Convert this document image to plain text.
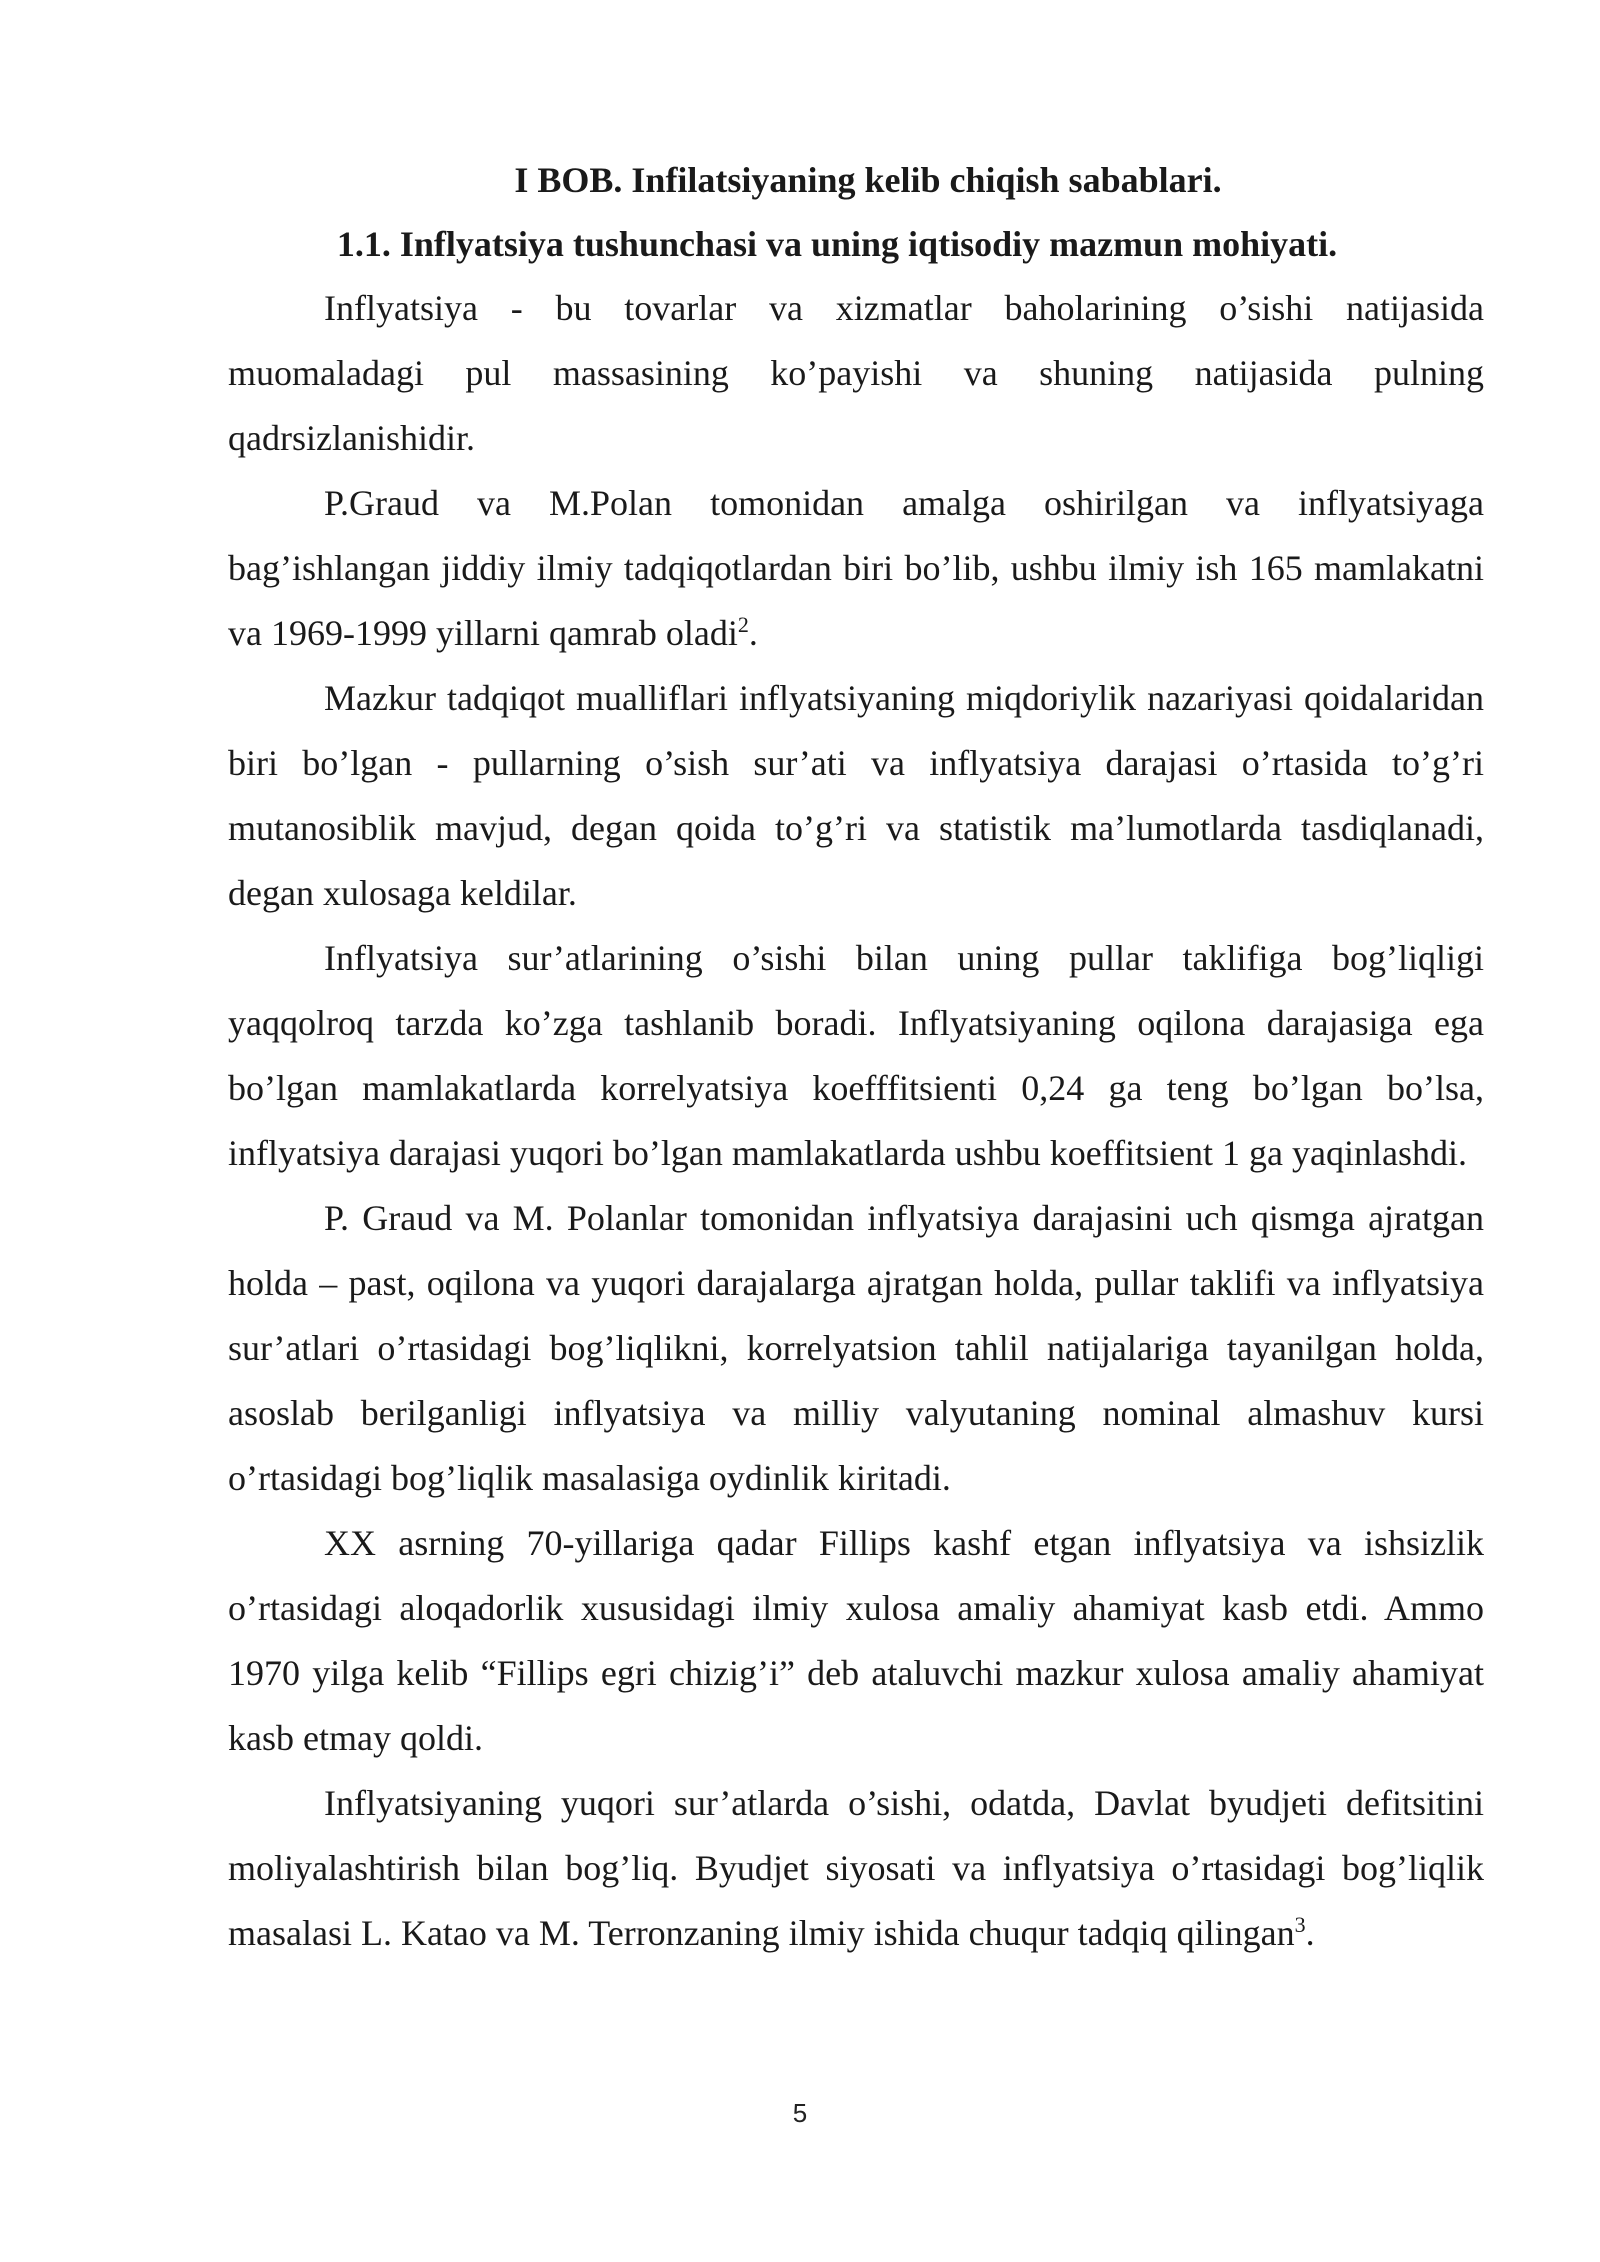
I BOB. Infilatsiyaning kelib chiqish sabablari.

1.1. Inflyatsiya tushunchasi va uning iqtisodiy mazmun mohiyati.

Inflyatsiya - bu tovarlar va xizmatlar baholarining o’sishi natijasida muomaladagi pul massasining ko’payishi va shuning natijasida pulning qadrsizlanishidir.

P.Graud va M.Polan tomonidan amalga oshirilgan va inflyatsiyaga bag’ishlangan jiddiy ilmiy tadqiqotlardan biri bo’lib, ushbu ilmiy ish 165 mamlakatni va 1969-1999 yillarni qamrab oladi$^2$.

Mazkur tadqiqot mualliflari inflyatsiyaning miqdoriylik nazariyasi qoidalaridan biri bo’lgan - pullarning o’sish sur’ati va inflyatsiya darajasi o’rtasida to’g’ri mutanosiblik mavjud, degan qoida to’g’ri va statistik ma’lumotlarda tasdiqlanadi, degan xulosaga keldilar.

Inflyatsiya sur’atlarining o’sishi bilan uning pullar taklifiga bog’liqligi yaqqolroq tarzda ko’zga tashlanib boradi. Inflyatsiyaning oqilona darajasiga ega bo’lgan mamlakatlarda korrelyatsiya koefffitsienti 0,24 ga teng bo’lgan bo’lsa, inflyatsiya darajasi yuqori bo’lgan mamlakatlarda ushbu koeffitsient 1 ga yaqinlashdi.

P. Graud va M. Polanlar tomonidan inflyatsiya darajasini uch qismga ajratgan holda – past, oqilona va yuqori darajalarga ajratgan holda, pullar taklifi va inflyatsiya sur’atlari o’rtasidagi bog’liqlikni, korrelyatsion tahlil natijalariga tayanilgan holda, asoslab berilganligi inflyatsiya va milliy valyutaning nominal almashuv kursi o’rtasidagi bog’liqlik masalasiga oydinlik kiritadi.

XX asrning 70-yillariga qadar Fillips kashf etgan inflyatsiya va ishsizlik o’rtasidagi aloqadorlik xususidagi ilmiy xulosa amaliy ahamiyat kasb etdi. Ammo 1970 yilga kelib “Fillips egri chizig’i” deb ataluvchi mazkur xulosa amaliy ahamiyat kasb etmay qoldi.

Inflyatsiyaning yuqori sur’atlarda o’sishi, odatda, Davlat byudjeti defitsitini moliyalashtirish bilan bog’liq. Byudjet siyosati va inflyatsiya o’rtasidagi bog’liqlik masalasi L. Katao va M. Terronzaning ilmiy ishida chuqur tadqiq qilingan$^3$.

5
